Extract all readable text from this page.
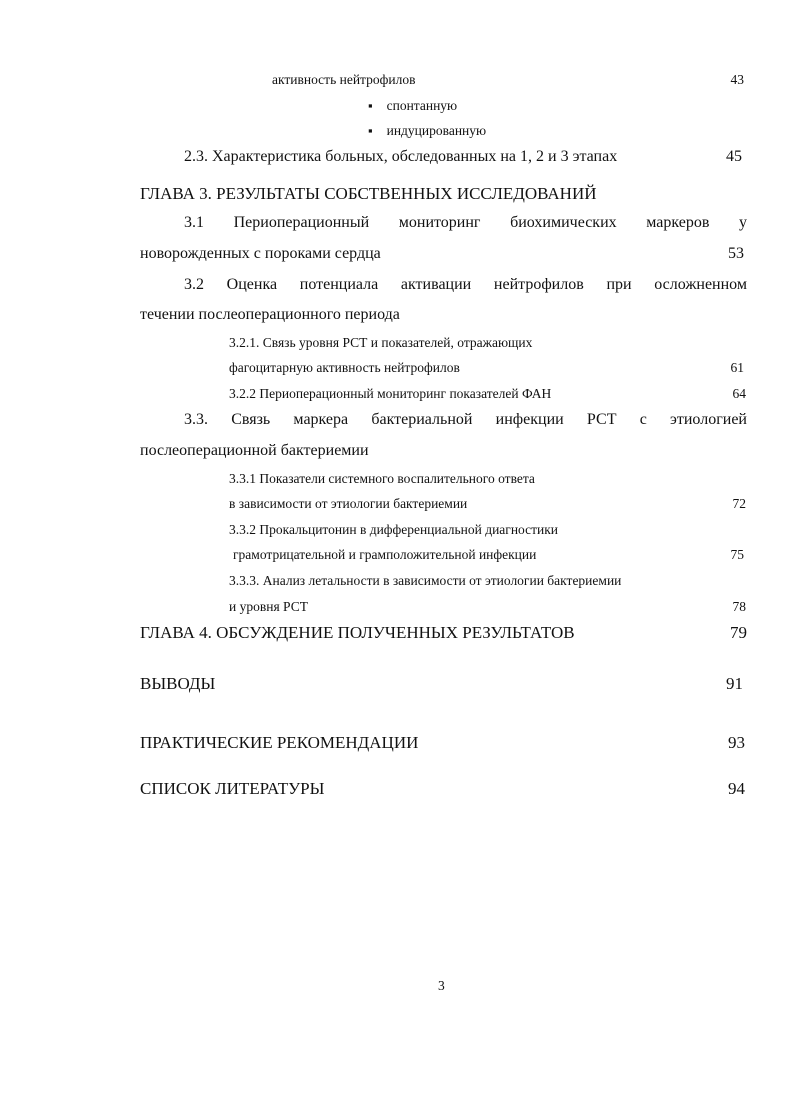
активность нейтрофилов	43
▪ спонтанную
▪ индуцированную
2.3. Характеристика больных, обследованных на 1, 2 и 3 этапах	45
ГЛАВА 3. РЕЗУЛЬТАТЫ СОБСТВЕННЫХ ИССЛЕДОВАНИЙ
3.1 Периоперационный мониторинг биохимических маркеров у
новорожденных с пороками сердца	53
3.2 Оценка потенциала активации нейтрофилов при осложненном
течении послеоперационного периода
3.2.1. Связь уровня РСТ и показателей, отражающих
фагоцитарную активность нейтрофилов	61
3.2.2 Периоперационный мониторинг показателей ФАН	64
3.3. Связь маркера бактериальной инфекции РСТ с этиологией
послеоперационной бактериемии
3.3.1 Показатели системного воспалительного ответа
в зависимости от этиологии бактериемии	72
3.3.2 Прокальцитонин в дифференциальной диагностики
грамотрицательной и грамположительной инфекции	75
3.3.3. Анализ летальности в зависимости от этиологии бактериемии
и уровня РСТ	78
ГЛАВА 4. ОБСУЖДЕНИЕ ПОЛУЧЕННЫХ РЕЗУЛЬТАТОВ	79
ВЫВОДЫ	91
ПРАКТИЧЕСКИЕ РЕКОМЕНДАЦИИ	93
СПИСОК ЛИТЕРАТУРЫ	94
3
